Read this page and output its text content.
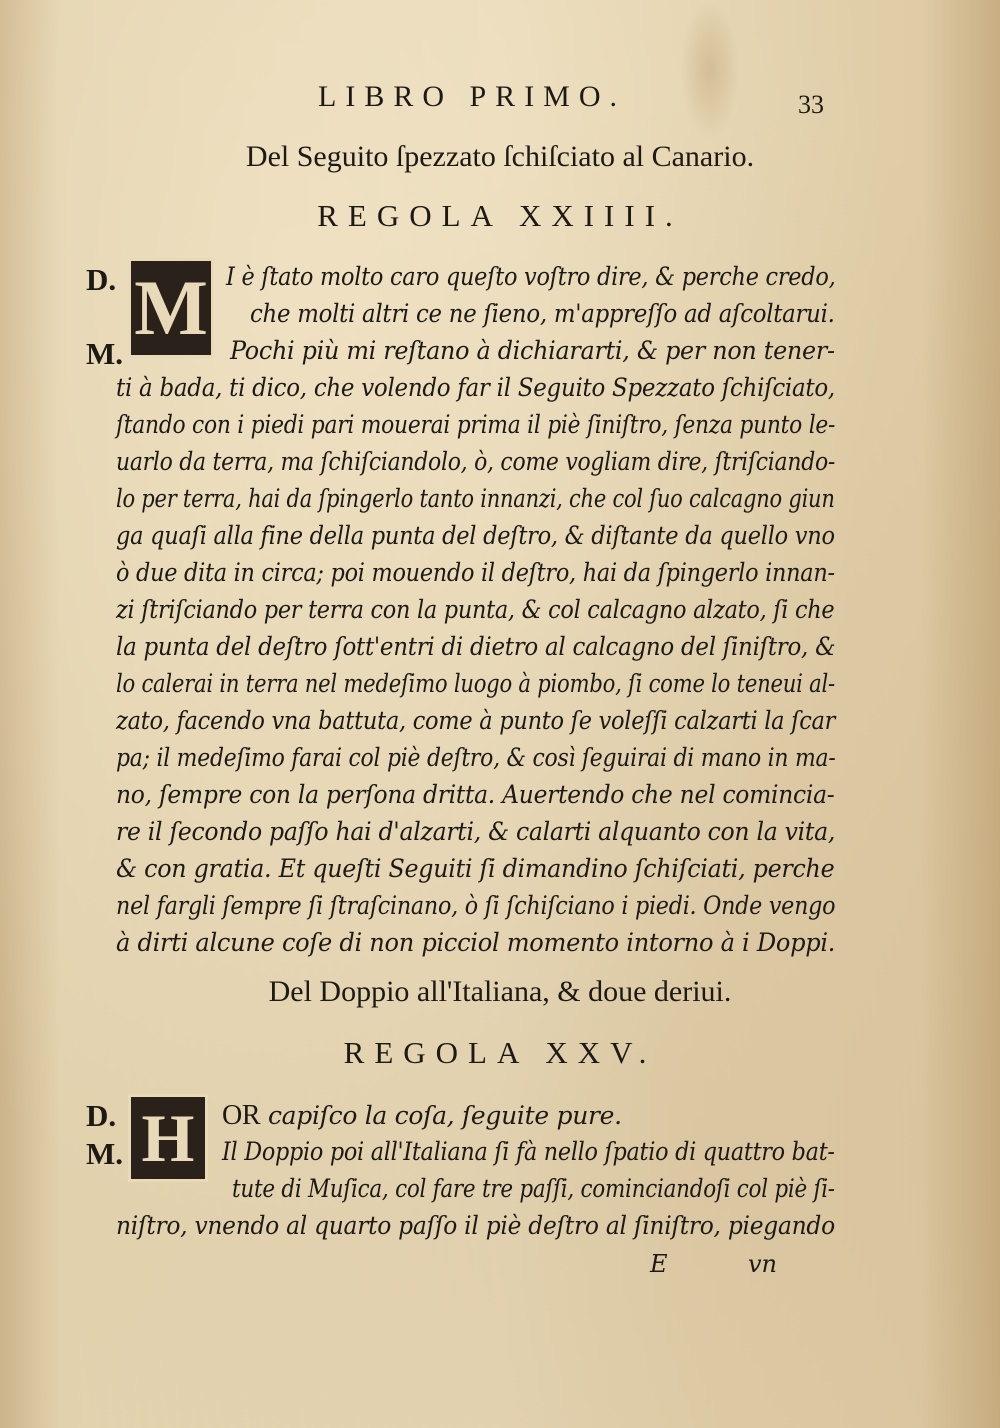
LIBRO PRIMO.	33
Del Seguito ſpezzato ſchiſciato al Canario.
REGOLA XXIIII.
D.
M.
M I è ſtato molto caro queſto voſtro dire, & perche credo,
che molti altri ce ne ſieno, m'appreſſo ad aſcoltarui.
Pochi più mi reſtano à dichiararti, & per non tener-
ti à bada, ti dico, che volendo far il Seguito Spezzato ſchiſciato,
ſtando con i piedi pari mouerai prima il piè ſiniſtro, ſenza punto le-
uarlo da terra, ma ſchiſciandolo, ò, come vogliam dire, ſtriſciando-
lo per terra, hai da ſpingerlo tanto innanzi, che col ſuo calcagno giun
ga quaſi alla fine della punta del deſtro, & diſtante da quello vno
ò due dita in circa; poi mouendo il deſtro, hai da ſpingerlo innan-
zi ſtriſciando per terra con la punta, & col calcagno alzato, ſi che
la punta del deſtro ſott'entri di dietro al calcagno del ſiniſtro, &
lo calerai in terra nel medeſimo luogo à piombo, ſi come lo teneui al-
zato, facendo vna battuta, come à punto ſe voleſſi calzarti la ſcar
pa; il medeſimo farai col piè deſtro, & così ſeguirai di mano in ma-
no, ſempre con la perſona dritta. Auertendo che nel comincia-
re il ſecondo paſſo hai d'alzarti, & calarti alquanto con la vita,
& con gratia. Et queſti Seguiti ſi dimandino ſchiſciati, perche
nel fargli ſempre ſi ſtraſcinano, ò ſi ſchiſciano i piedi. Onde vengo
à dirti alcune coſe di non picciol momento intorno à i Doppi.
Del Doppio all'Italiana, & doue deriui.
REGOLA XXV.
D.
M. H OR capiſco la coſa, ſeguite pure.
Il Doppio poi all'Italiana ſi fà nello ſpatio di quattro bat-
tute di Muſica, col fare tre paſſi, cominciandoſi col piè ſi-
niſtro, vnendo al quarto paſſo il piè deſtro al ſiniſtro, piegando
E	vn
